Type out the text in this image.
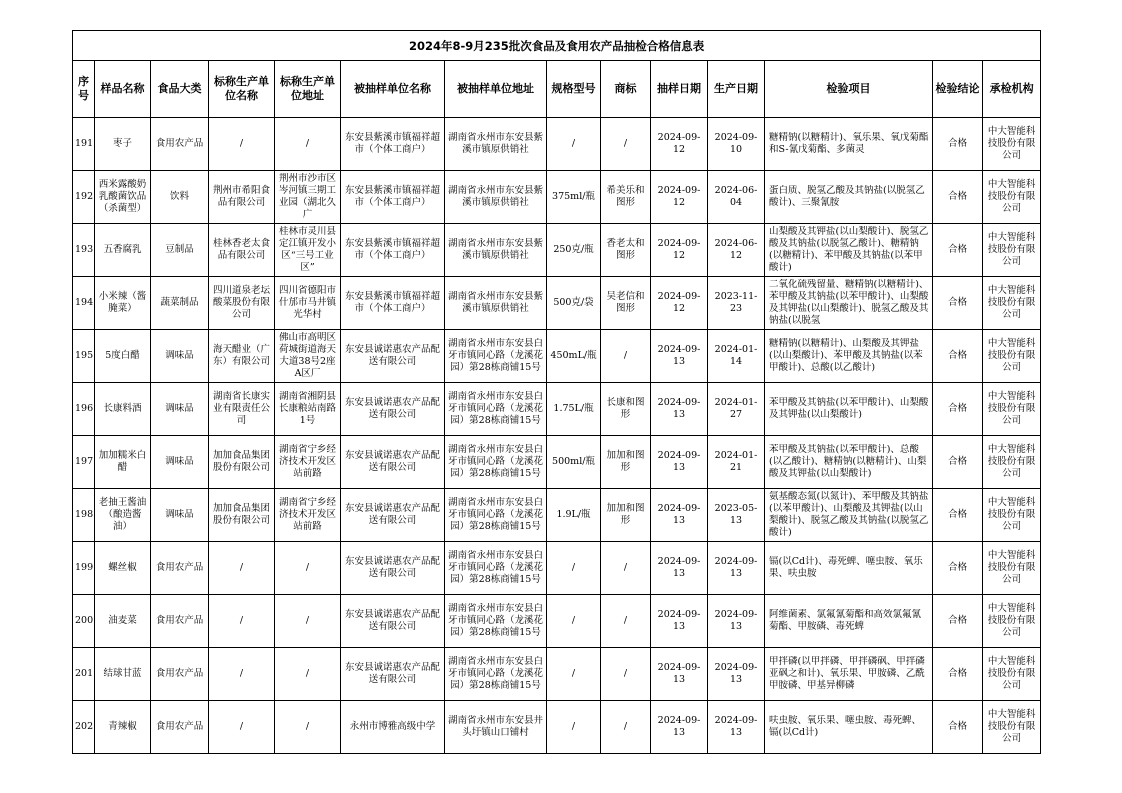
2024年8-9月235批次食品及食用农产品抽检合格信息表													
序号	样品名称	食品大类	标称生产单位名称	标称生产单位地址	被抽样单位名称	被抽样单位地址	规格型号	商标	抽样日期	生产日期	检验项目	检验结论	承检机构
191	枣子	食用农产品	/	/	东安县紫溪市镇福祥超市（个体工商户）	湖南省永州市东安县紫溪市镇原供销社	/	/	2024-09-12	2024-09-10	糖精钠(以糖精计)、氧乐果、氧戊菊酯和S-氰戊菊酯、多菌灵	合格	中大智能科技股份有限公司
192	西米露酸奶乳酸菌饮品（杀菌型）	饮料	荆州市希阳食品有限公司	荆州市沙市区岑河镇三期工业园（湖北久广	东安县紫溪市镇福祥超市（个体工商户）	湖南省永州市东安县紫溪市镇原供销社	375ml/瓶	希美乐和图形	2024-09-12	2024-06-04	蛋白质、脱氢乙酸及其钠盐(以脱氢乙酸计)、三聚氰胺	合格	中大智能科技股份有限公司
193	五香腐乳	豆制品	桂林香老太食品有限公司	桂林市灵川县定江镇开发小区“三号工业区”	东安县紫溪市镇福祥超市（个体工商户）	湖南省永州市东安县紫溪市镇原供销社	250克/瓶	香老太和图形	2024-09-12	2024-06-12	山梨酸及其钾盐(以山梨酸计)、脱氢乙酸及其钠盐(以脱氢乙酸计)、糖精钠(以糖精计)、苯甲酸及其钠盐(以苯甲酸计)	合格	中大智能科技股份有限公司
194	小米辣（酱腌菜）	蔬菜制品	四川道泉老坛酸菜股份有限公司	四川省德阳市什邡市马井镇光华村	东安县紫溪市镇福祥超市（个体工商户）	湖南省永州市东安县紫溪市镇原供销社	500克/袋	吴老信和图形	2024-09-12	2023-11-23	二氧化硫残留量、糖精钠(以糖精计)、苯甲酸及其钠盐(以苯甲酸计)、山梨酸及其钾盐(以山梨酸计)、脱氢乙酸及其钠盐(以脱氢	合格	中大智能科技股份有限公司
195	5度白醋	调味品	海天醋业（广东）有限公司	佛山市高明区荷城街道海天大道38号2座A区厂	东安县诚诺惠农产品配送有限公司	湖南省永州市东安县白牙市镇同心路（龙溪花园）第28栋商铺15号	450mL/瓶	/	2024-09-13	2024-01-14	糖精钠(以糖精计)、山梨酸及其钾盐(以山梨酸计)、苯甲酸及其钠盐(以苯甲酸计)、总酸(以乙酸计)	合格	中大智能科技股份有限公司
196	长康料酒	调味品	湖南省长康实业有限责任公司	湖南省湘阴县长康粮站南路1号	东安县诚诺惠农产品配送有限公司	湖南省永州市东安县白牙市镇同心路（龙溪花园）第28栋商铺15号	1.75L/瓶	长康和图形	2024-09-13	2024-01-27	苯甲酸及其钠盐(以苯甲酸计)、山梨酸及其钾盐(以山梨酸计)	合格	中大智能科技股份有限公司
197	加加糯米白醋	调味品	加加食品集团股份有限公司	湖南省宁乡经济技术开发区站前路	东安县诚诺惠农产品配送有限公司	湖南省永州市东安县白牙市镇同心路（龙溪花园）第28栋商铺15号	500ml/瓶	加加和图形	2024-09-13	2024-01-21	苯甲酸及其钠盐(以苯甲酸计)、总酸(以乙酸计)、糖精钠(以糖精计)、山梨酸及其钾盐(以山梨酸计)	合格	中大智能科技股份有限公司
198	老抽王酱油（酿造酱油）	调味品	加加食品集团股份有限公司	湖南省宁乡经济技术开发区站前路	东安县诚诺惠农产品配送有限公司	湖南省永州市东安县白牙市镇同心路（龙溪花园）第28栋商铺15号	1.9L/瓶	加加和图形	2024-09-13	2023-05-13	氨基酸态氮(以氮计)、苯甲酸及其钠盐(以苯甲酸计)、山梨酸及其钾盐(以山梨酸计)、脱氢乙酸及其钠盐(以脱氢乙酸计)	合格	中大智能科技股份有限公司
199	螺丝椒	食用农产品	/	/	东安县诚诺惠农产品配送有限公司	湖南省永州市东安县白牙市镇同心路（龙溪花园）第28栋商铺15号	/	/	2024-09-13	2024-09-13	镉(以Cd计)、毒死蜱、噻虫胺、氧乐果、呋虫胺	合格	中大智能科技股份有限公司
200	油麦菜	食用农产品	/	/	东安县诚诺惠农产品配送有限公司	湖南省永州市东安县白牙市镇同心路（龙溪花园）第28栋商铺15号	/	/	2024-09-13	2024-09-13	阿维菌素、氯氟氰菊酯和高效氯氟氰菊酯、甲胺磷、毒死蜱	合格	中大智能科技股份有限公司
201	结球甘蓝	食用农产品	/	/	东安县诚诺惠农产品配送有限公司	湖南省永州市东安县白牙市镇同心路（龙溪花园）第28栋商铺15号	/	/	2024-09-13	2024-09-13	甲拌磷(以甲拌磷、甲拌磷砜、甲拌磷亚砜之和计)、氧乐果、甲胺磷、乙酰甲胺磷、甲基异柳磷	合格	中大智能科技股份有限公司
202	青辣椒	食用农产品	/	/	永州市博雅高级中学	湖南省永州市东安县井头圩镇山口铺村	/	/	2024-09-13	2024-09-13	呋虫胺、氧乐果、噻虫胺、毒死蜱、镉(以Cd计)	合格	中大智能科技股份有限公司
